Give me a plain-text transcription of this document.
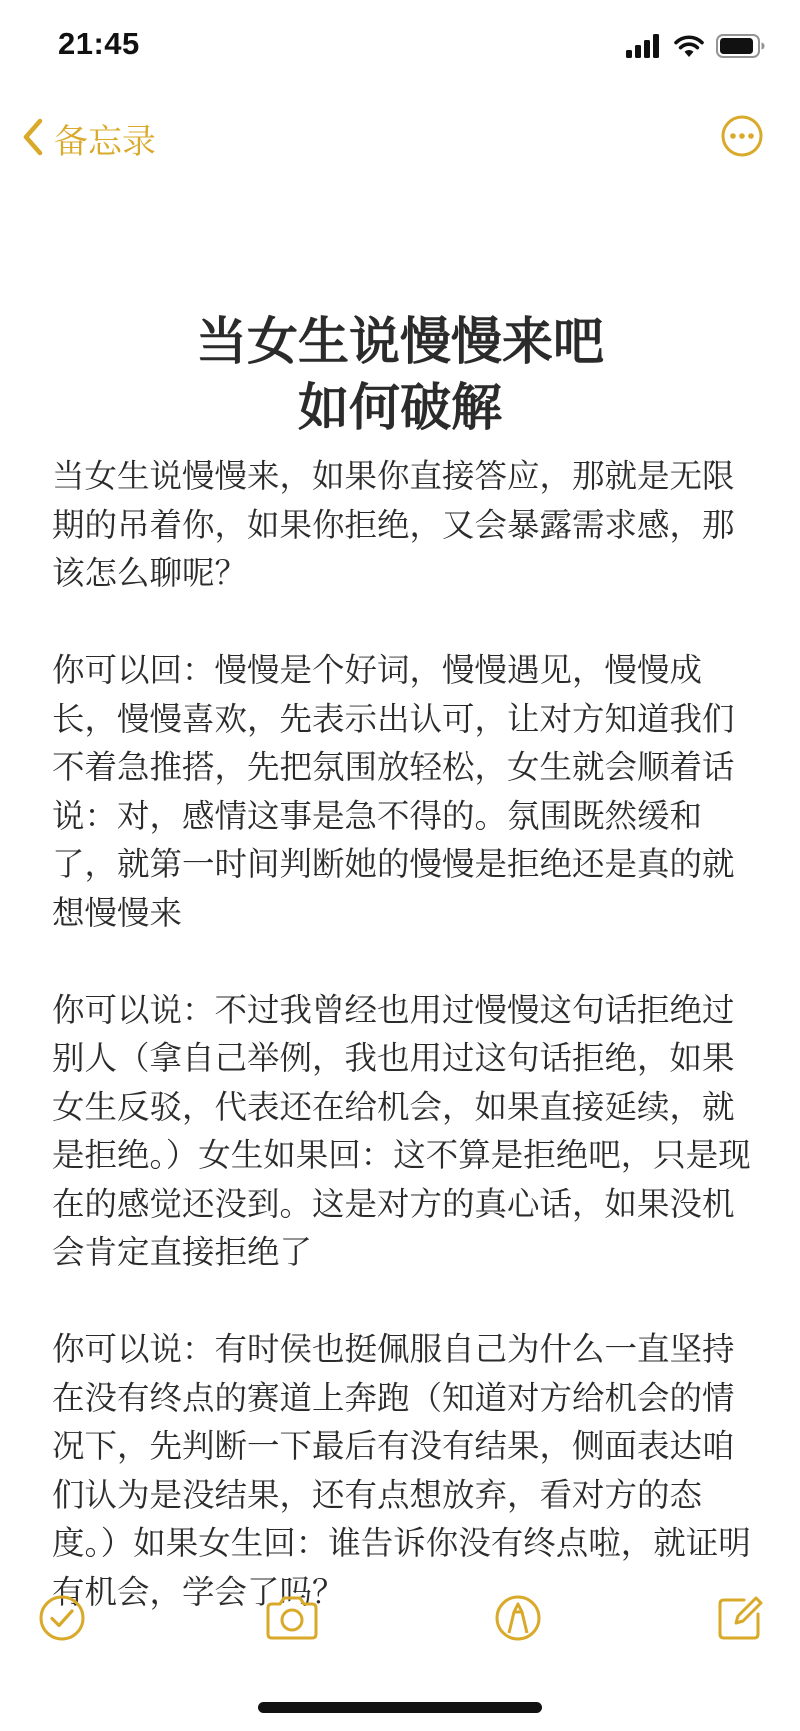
21:45
备忘录
当女生说慢慢来吧
如何破解

当女生说慢慢来，如果你直接答应，那就是无限期的吊着你，如果你拒绝，又会暴露需求感，那该怎么聊呢？

你可以回：慢慢是个好词，慢慢遇见，慢慢成长，慢慢喜欢，先表示出认可，让对方知道我们不着急推搭，先把氛围放轻松，女生就会顺着话说：对，感情这事是急不得的。氛围既然缓和了，就第一时间判断她的慢慢是拒绝还是真的就想慢慢来

你可以说：不过我曾经也用过慢慢这句话拒绝过别人（拿自己举例，我也用过这句话拒绝，如果女生反驳，代表还在给机会，如果直接延续，就是拒绝。）女生如果回：这不算是拒绝吧，只是现在的感觉还没到。这是对方的真心话，如果没机会肯定直接拒绝了

你可以说：有时侯也挺佩服自己为什么一直坚持在没有终点的赛道上奔跑（知道对方给机会的情况下，先判断一下最后有没有结果，侧面表达咱们认为是没结果，还有点想放弃，看对方的态度。）如果女生回：谁告诉你没有终点啦，就证明有机会，学会了吗？
